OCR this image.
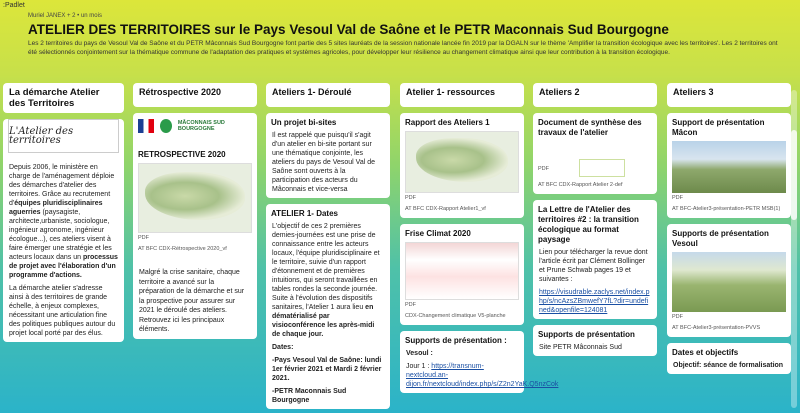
:Padlet
Muriel JANEX + 2 • un mois
ATELIER DES TERRITOIRES sur le Pays Vesoul Val de Saône et le PETR Maconnais Sud Bourgogne
Les 2 territoires du pays de Vesoul Val de Saône et du PETR Mâconnais Sud Bourgogne font partie des 5 sites lauréats de la session nationale lancée fin 2019 par la DGALN sur le thème 'Amplifier la transition écologique avec les territoires'. Les 2 territoires ont été sélectionnés conjointement sur la thématique commune de l'adaptation des pratiques et systèmes agricoles, pour développer leur résilience au changement climatique ainsi que leur contribution à la transition écologique.
La démarche Atelier des Territoires
L'Atelier des territoires

Depuis 2006, le ministère en charge de l'aménagement déploie des démarches d'atelier des territoires. Grâce au recrutement d'équipes pluridisciplinaires aguerries (paysagiste, architecte,urbaniste, sociologue, ingénieur agronome, ingénieur écologue...), ces ateliers visent à faire émerger une stratégie et les acteurs locaux dans un processus de projet avec l'élaboration d'un programme d'actions.

La démarche atelier s'adresse ainsi à des territoires de grande échelle, à enjeux complexes, nécessitant une articulation fine des politiques publiques autour du projet local porté par des élus.

Rétrospective 2020
MÂCONNAIS SUD BOURGOGNE
RETROSPECTIVE 2020
PDF
AT BFC CDX-Rétrospective 2020_vf

Malgré la crise sanitaire, chaque territoire a avancé sur la préparation de la démarche et sur la prospective pour assurer sur 2021 le déroulé des ateliers. Retrouvez ici les principaux éléments.

Ateliers 1- Déroulé
Un projet bi-sites

Il est rappelé que puisqu'il s'agit d'un atelier en bi-site portant sur une thématique conjointe, les ateliers du pays de Vesoul Val de Saône sont ouverts à la participation des acteurs du Mâconnais et vice-versa

ATELIER 1- Dates

L'objectif de ces 2 premières demies-journées est une prise de connaissance entre les acteurs locaux, l'équipe pluridisciplinaire et le territoire, suivie d'un rapport d'étonnement et de premières intuitions, qui seront travaillées en tables rondes la seconde journée. Suite à l'évolution des dispositifs sanitaires, l'Atelier 1 aura lieu en dématérialisé par visioconférence les après-midi de chaque jour.

Dates:

-Pays Vesoul Val de Saône: lundi 1er février 2021 et Mardi 2 février 2021.

-PETR Maconnais Sud Bourgogne

Atelier 1- ressources
Rapport des Ateliers 1
PDF
AT BFC CDX-Rapport Atelier1_vf
Frise Climat 2020
PDF
CDX-Changement climatique V5-planche
Supports de présentation :

Vesoul :

Jour 1 : https://transnum-nextcloud.an-dijon.fr/nextcloud/index.php/s/Z2n2YaK.Q5nzCok

Ateliers 2
Document de synthèse des travaux de l'atelier
PDF
AT BFC CDX-Rapport Atelier 2-def
La Lettre de l'Atelier des territoires #2 : la transition écologique au format paysage

Lien pour télécharger la revue dont l'article écrit par Clément Bollinger et Prune Schwab pages 19 et suivantes :

https://visudrable.zaclys.net/index.php/s/ncAzsZBmwefY7fL?dir=undefined&openfile=124081

Supports de présentation

Site PETR Mâconnais Sud

Ateliers 3
Support de présentation Mâcon
PDF
AT BFC-Atelier3-présentation-PETR MSB(1)
Supports de présentation Vesoul
PDF
AT BFC-Atelier3-présentation-PVVS
Dates et objectifs

Objectif: séance de formalisation
